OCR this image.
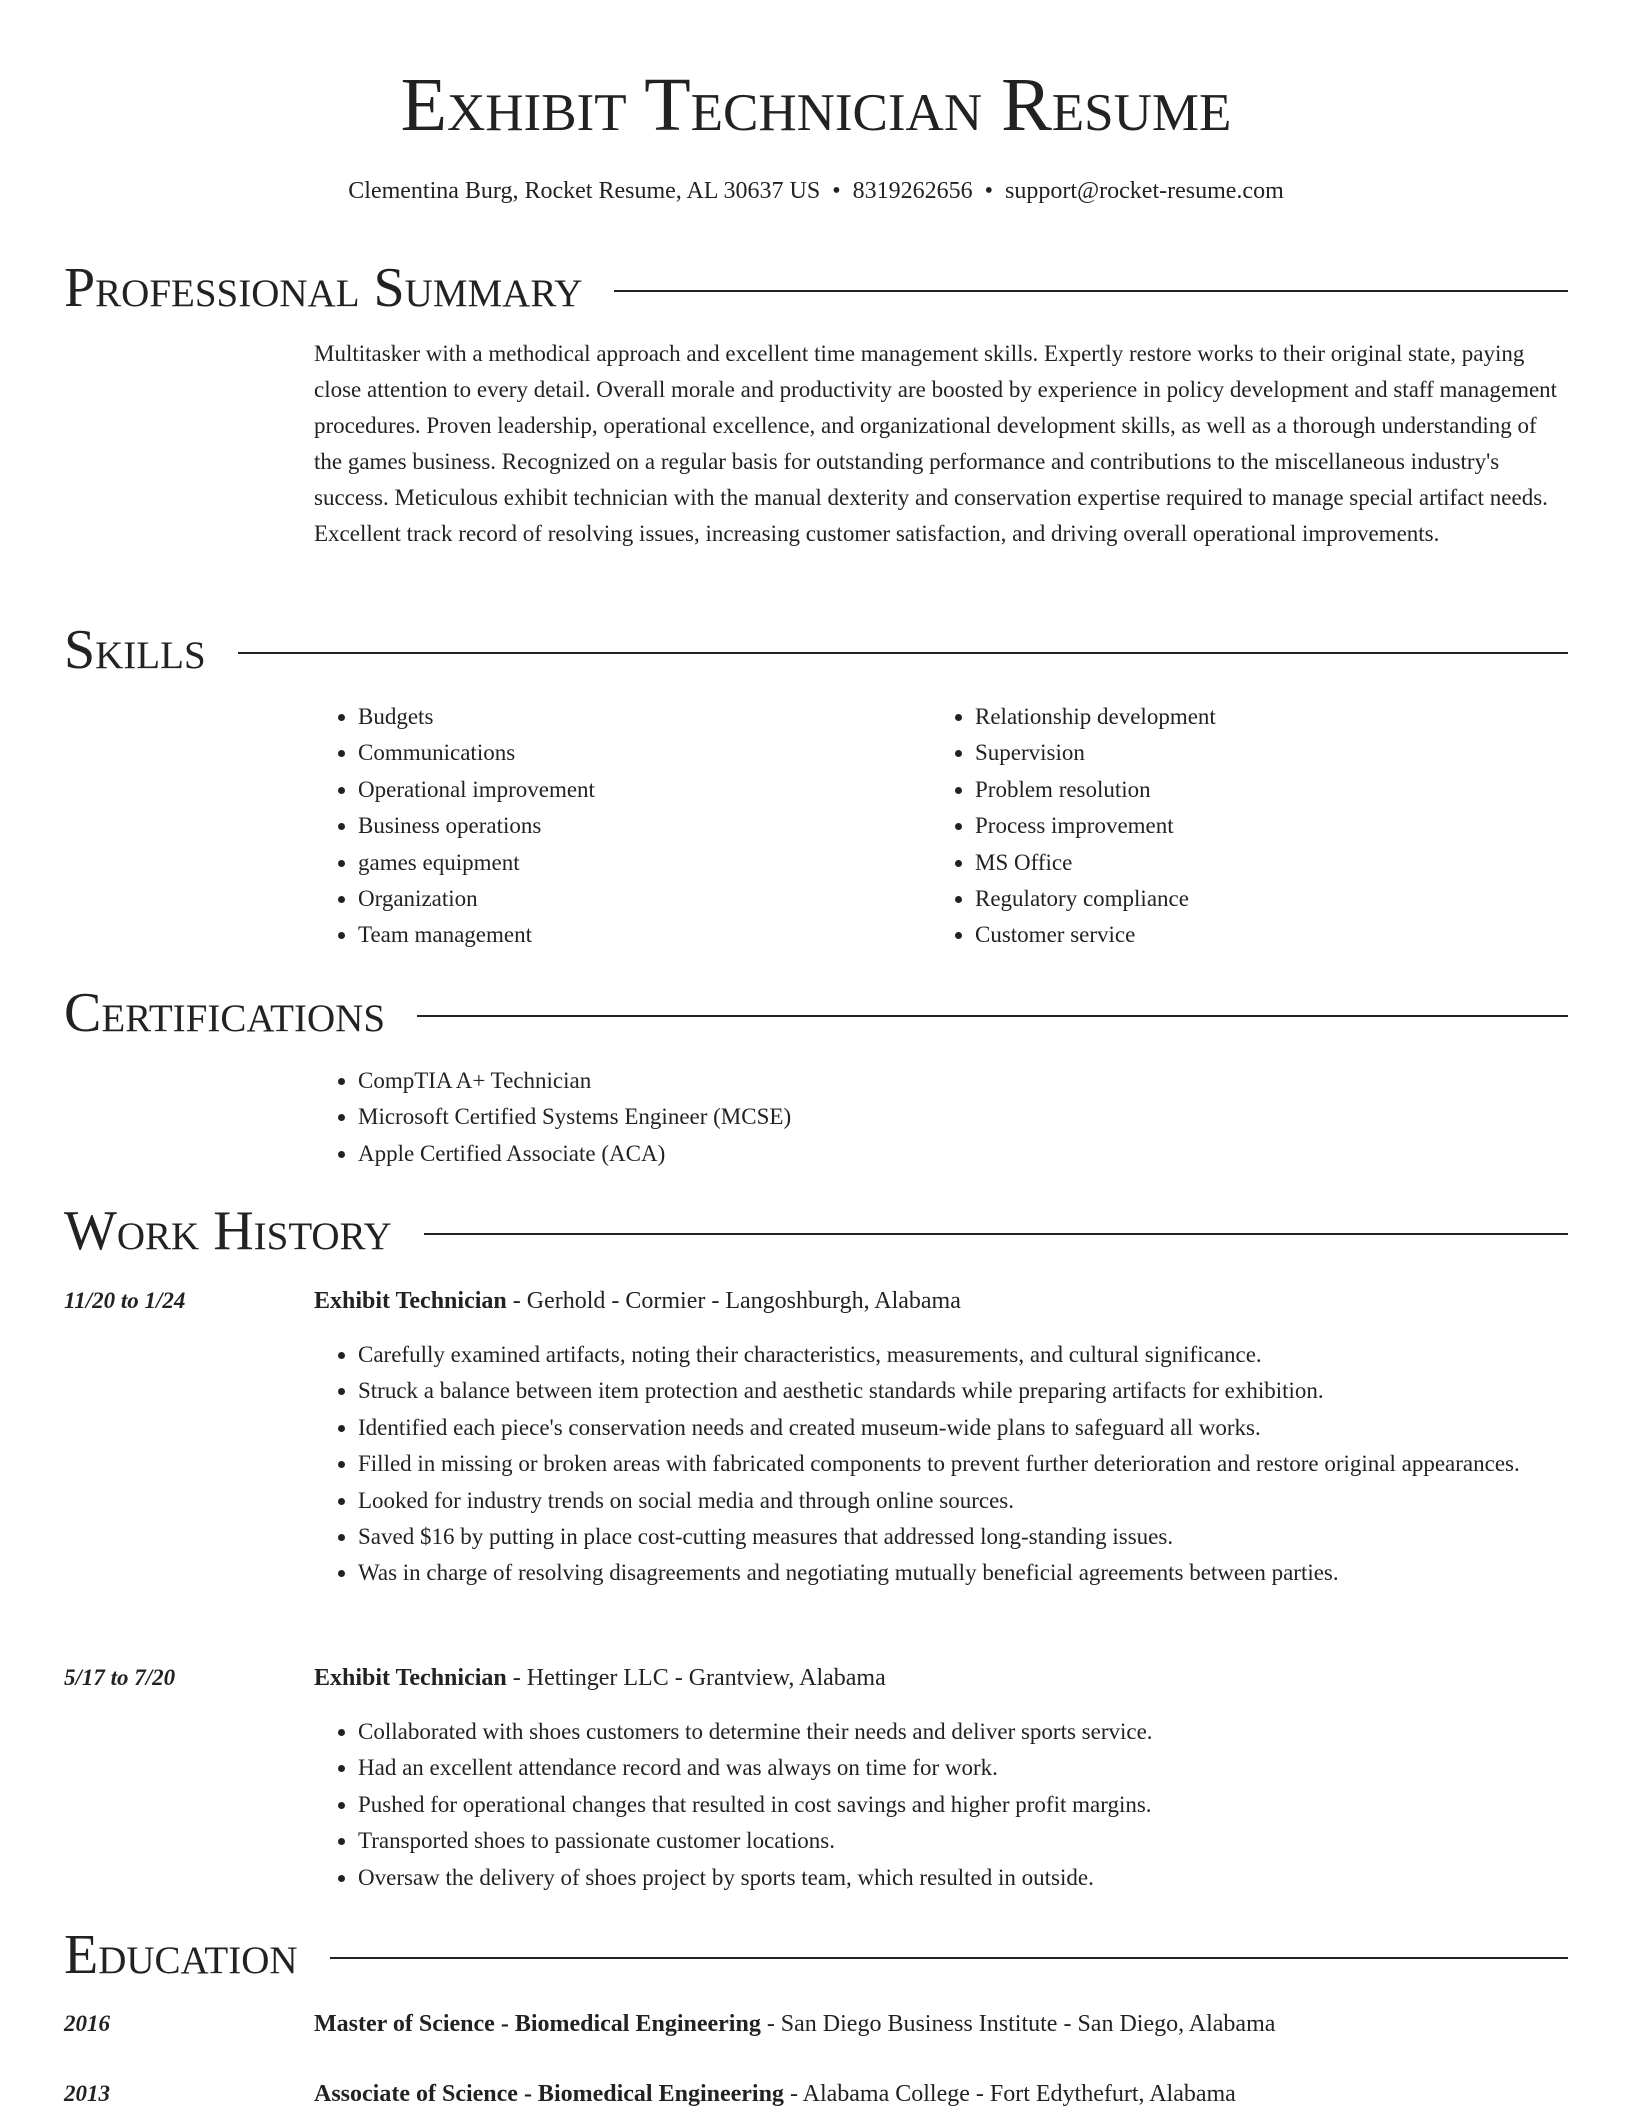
Exhibit Technician Resume
Clementina Burg, Rocket Resume, AL 30637 US • 8319262656 • support@rocket-resume.com
Professional Summary
Multitasker with a methodical approach and excellent time management skills. Expertly restore works to their original state, paying close attention to every detail. Overall morale and productivity are boosted by experience in policy development and staff management procedures. Proven leadership, operational excellence, and organizational development skills, as well as a thorough understanding of the games business. Recognized on a regular basis for outstanding performance and contributions to the miscellaneous industry's success. Meticulous exhibit technician with the manual dexterity and conservation expertise required to manage special artifact needs. Excellent track record of resolving issues, increasing customer satisfaction, and driving overall operational improvements.
Skills
• Budgets
• Communications
• Operational improvement
• Business operations
• games equipment
• Organization
• Team management
• Relationship development
• Supervision
• Problem resolution
• Process improvement
• MS Office
• Regulatory compliance
• Customer service
Certifications
• CompTIA A+ Technician
• Microsoft Certified Systems Engineer (MCSE)
• Apple Certified Associate (ACA)
Work History
11/20 to 1/24	Exhibit Technician - Gerhold - Cormier - Langoshburgh, Alabama
• Carefully examined artifacts, noting their characteristics, measurements, and cultural significance.
• Struck a balance between item protection and aesthetic standards while preparing artifacts for exhibition.
• Identified each piece's conservation needs and created museum-wide plans to safeguard all works.
• Filled in missing or broken areas with fabricated components to prevent further deterioration and restore original appearances.
• Looked for industry trends on social media and through online sources.
• Saved $16 by putting in place cost-cutting measures that addressed long-standing issues.
• Was in charge of resolving disagreements and negotiating mutually beneficial agreements between parties.
5/17 to 7/20	Exhibit Technician - Hettinger LLC - Grantview, Alabama
• Collaborated with shoes customers to determine their needs and deliver sports service.
• Had an excellent attendance record and was always on time for work.
• Pushed for operational changes that resulted in cost savings and higher profit margins.
• Transported shoes to passionate customer locations.
• Oversaw the delivery of shoes project by sports team, which resulted in outside.
Education
2016	Master of Science - Biomedical Engineering - San Diego Business Institute - San Diego, Alabama
2013	Associate of Science - Biomedical Engineering - Alabama College - Fort Edythefurt, Alabama
